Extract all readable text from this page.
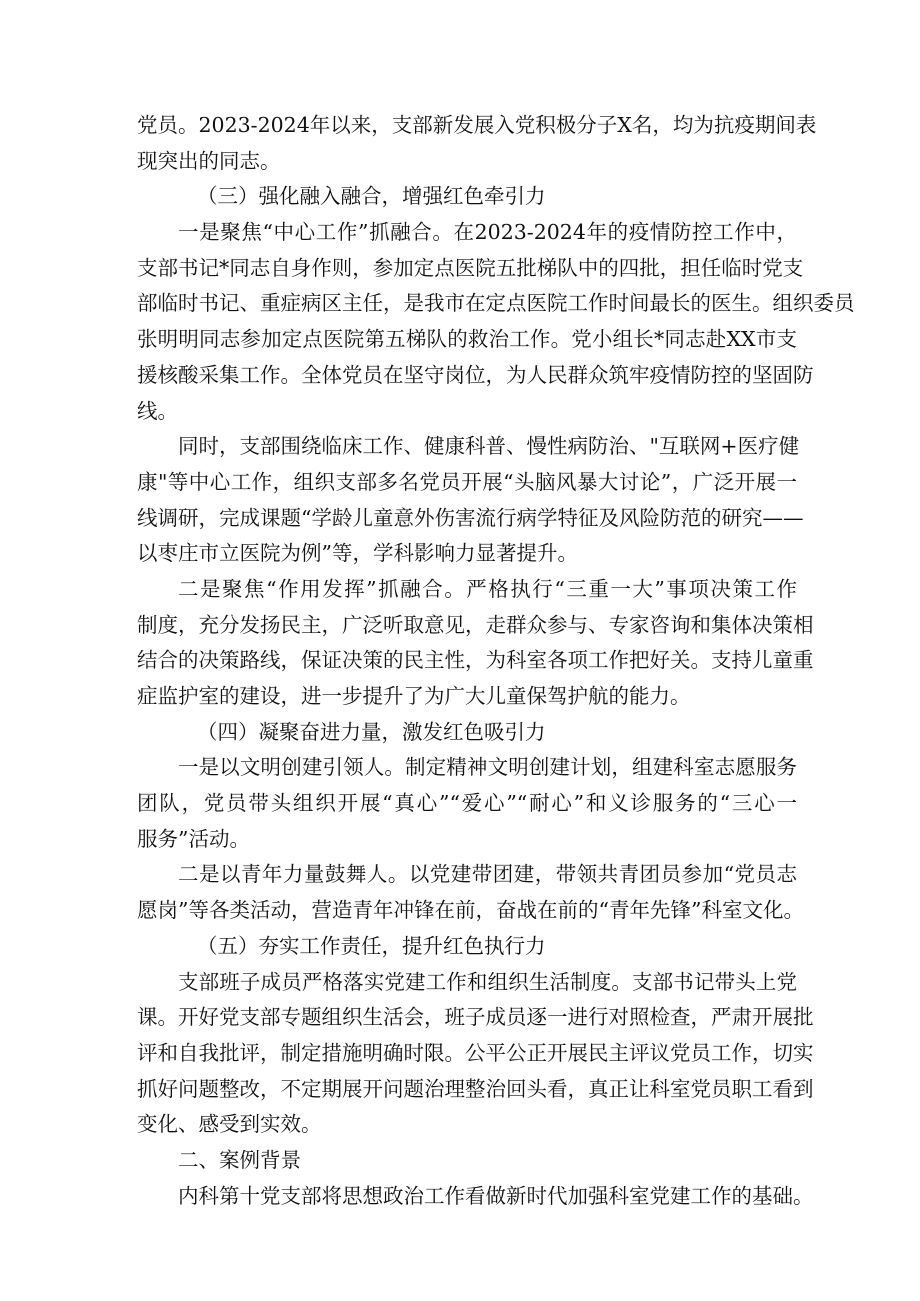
党员。2023-2024年以来，支部新发展入党积极分子X名，均为抗疫期间表
现突出的同志。
（三）强化融入融合，增强红色牵引力
一是聚焦“中心工作”抓融合。在2023-2024年的疫情防控工作中，
支部书记*同志自身作则，参加定点医院五批梯队中的四批，担任临时党支
部临时书记、重症病区主任，是我市在定点医院工作时间最长的医生。组织委员
张明明同志参加定点医院第五梯队的救治工作。党小组长*同志赴XX市支
援核酸采集工作。全体党员在坚守岗位，为人民群众筑牢疫情防控的坚固防
线。
同时，支部围绕临床工作、健康科普、慢性病防治、"互联网+医疗健
康"等中心工作，组织支部多名党员开展“头脑风暴大讨论”，广泛开展一
线调研，完成课题“学龄儿童意外伤害流行病学特征及风险防范的研究——
以枣庄市立医院为例”等，学科影响力显著提升。
二是聚焦“作用发挥”抓融合。严格执行“三重一大”事项决策工作
制度，充分发扬民主，广泛听取意见，走群众参与、专家咨询和集体决策相
结合的决策路线，保证决策的民主性，为科室各项工作把好关。支持儿童重
症监护室的建设，进一步提升了为广大儿童保驾护航的能力。
（四）凝聚奋进力量，激发红色吸引力
一是以文明创建引领人。制定精神文明创建计划，组建科室志愿服务
团队，党员带头组织开展“真心”“爱心”“耐心”和义诊服务的“三心一
服务”活动。
二是以青年力量鼓舞人。以党建带团建，带领共青团员参加“党员志
愿岗”等各类活动，营造青年冲锋在前，奋战在前的“青年先锋”科室文化。
（五）夯实工作责任，提升红色执行力
支部班子成员严格落实党建工作和组织生活制度。支部书记带头上党
课。开好党支部专题组织生活会，班子成员逐一进行对照检查，严肃开展批
评和自我批评，制定措施明确时限。公平公正开展民主评议党员工作，切实
抓好问题整改，不定期展开问题治理整治回头看，真正让科室党员职工看到
变化、感受到实效。
二、案例背景
内科第十党支部将思想政治工作看做新时代加强科室党建工作的基础。
